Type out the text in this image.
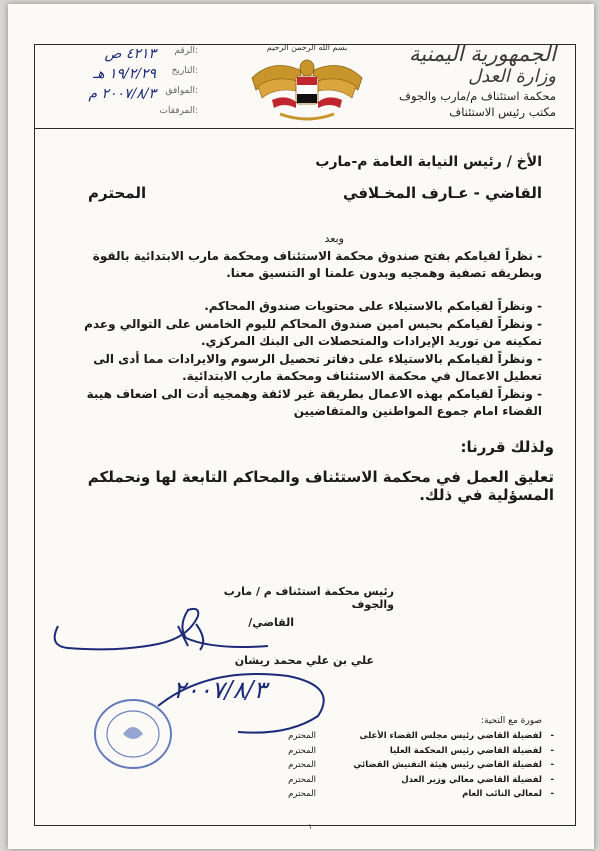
الرقم:
٤٢١٣ ص
التاريخ:
١٩/٢/٢٩ هـ
الموافق:
٢٠٠٧/٨/٣ م
المرفقات:
بسم الله الرحمن الرحيم	الجمهورية اليمنية
وزارة العدل
محكمة استئناف م/مارب والجوف
مكتب رئيس الاستئناف
الأخ / رئيس النيابة العامة م-مارب
القاضي - عـارف المخـلافي
المحترم
وبعد
- نظراً لقيامكم بفتح صندوق محكمة الاستئناف ومحكمة مارب الابتدائية بالقوة وبطريقه تصفية وهمجيه وبدون علمنا او التنسيق معنا.
- ونظراً لقيامكم بالاستيلاء على محتويات صندوق المحاكم.
- ونظراً لقيامكم بحبس امين صندوق المحاكم لليوم الخامس على التوالي وعدم تمكينه من توريد الإيرادات والمتحصلات الى البنك المركزي.
- ونظراً لقيامكم بالاستيلاء على دفاتر تحصيل الرسوم والايرادات مما أدى الى تعطيل الاعمال في محكمة الاستئناف ومحكمة مارب الابتدائية.
- ونظراً لقيامكم بهذه الاعمال بطريقة غير لائقة وهمجيه أدت الى اضعاف هيبة القضاء امام جموع المواطنين والمتقاضيين
ولذلك قررنا:
تعليق العمل في محكمة الاستئناف والمحاكم التابعة لها ونحملكم المسؤلية في ذلك.
رئيس محكمة استئناف م / مارب والجوف
القاضي/
علي بن علي محمد ريشان
٢٠٠٧/٨/٣
صورة مع التحية:
-
لفضيلة القاضي رئيس مجلس القضاء الأعلى
المحترم
-
لفضيلة القاضي رئيس المحكمة العليا
المحترم
-
لفضيلة القاضي رئيس هيئة التفتيش القضائي
المحترم
-
لفضيلة القاضي معالي وزير العدل
المحترم
-
لمعالي النائب العام
المحترم
١
